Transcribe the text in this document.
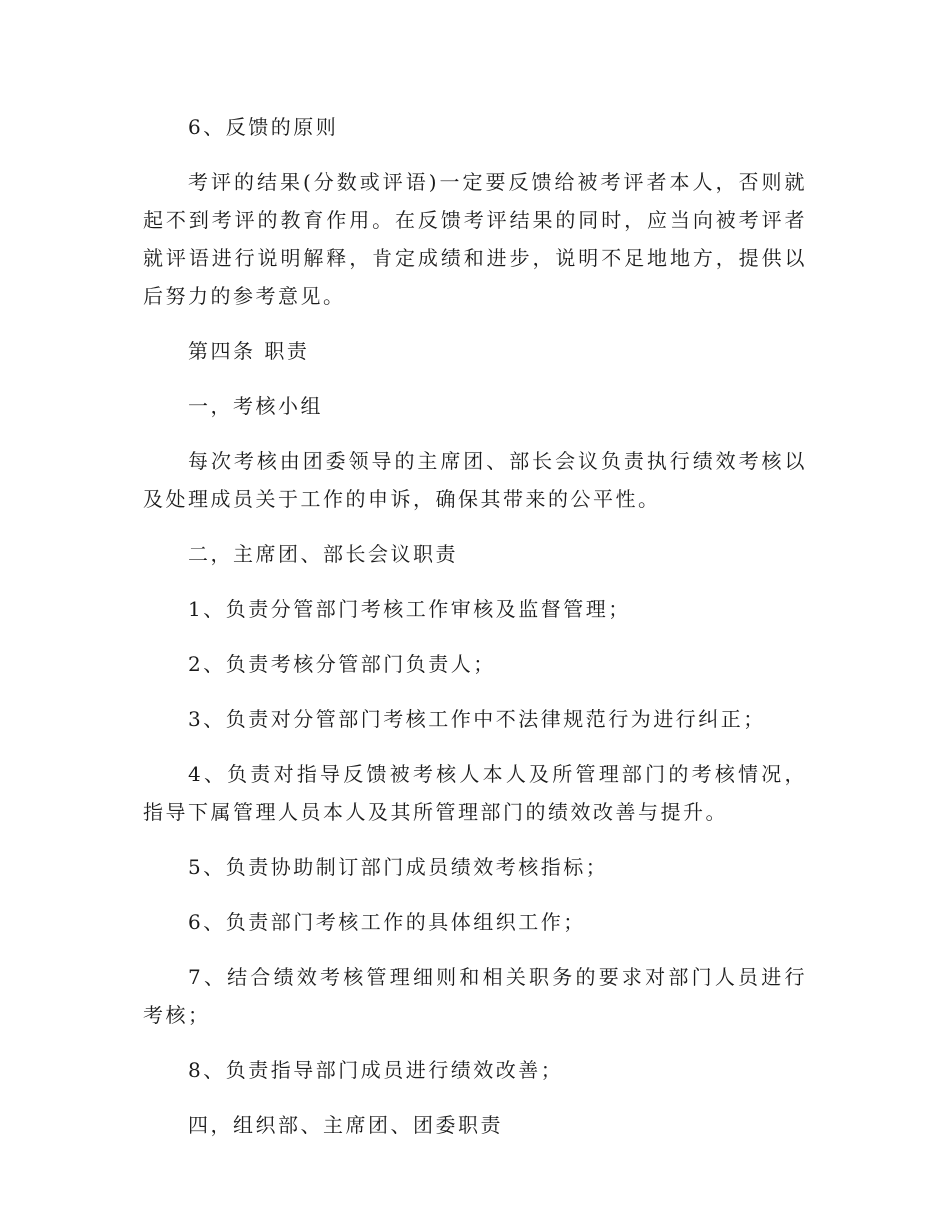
6、反馈的原则

考评的结果(分数或评语)一定要反馈给被考评者本人，否则就起不到考评的教育作用。在反馈考评结果的同时，应当向被考评者就评语进行说明解释，肯定成绩和进步，说明不足地地方，提供以后努力的参考意见。

第四条 职责

一，考核小组

每次考核由团委领导的主席团、部长会议负责执行绩效考核以及处理成员关于工作的申诉，确保其带来的公平性。

二，主席团、部长会议职责

1、负责分管部门考核工作审核及监督管理；

2、负责考核分管部门负责人；

3、负责对分管部门考核工作中不法律规范行为进行纠正；

4、负责对指导反馈被考核人本人及所管理部门的考核情况，指导下属管理人员本人及其所管理部门的绩效改善与提升。

5、负责协助制订部门成员绩效考核指标；

6、负责部门考核工作的具体组织工作；

7、结合绩效考核管理细则和相关职务的要求对部门人员进行考核；

8、负责指导部门成员进行绩效改善；

四，组织部、主席团、团委职责
